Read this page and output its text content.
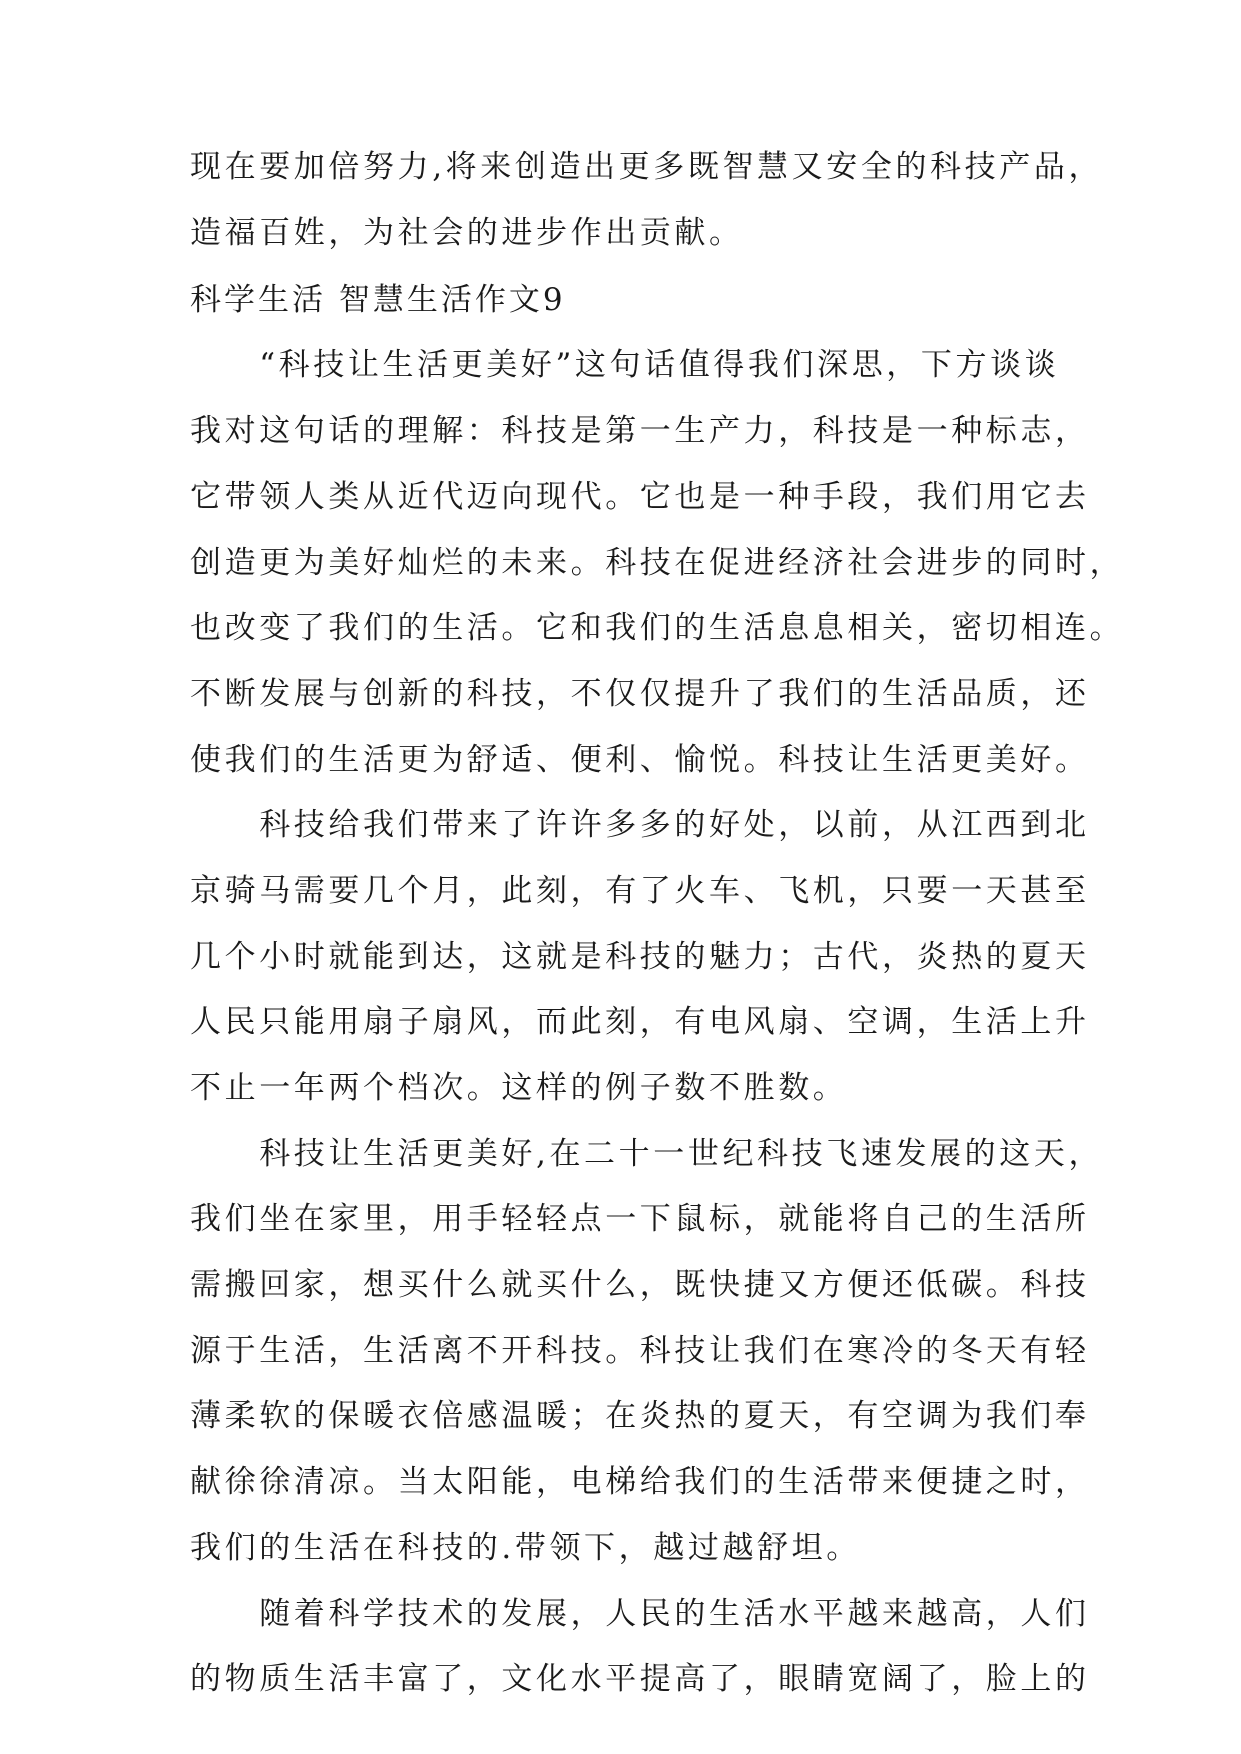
现在要加倍努力,将来创造出更多既智慧又安全的科技产品，
造福百姓，为社会的进步作出贡献。
科学生活 智慧生活作文9
　　“科技让生活更美好”这句话值得我们深思，下方谈谈
我对这句话的理解：科技是第一生产力，科技是一种标志，
它带领人类从近代迈向现代。它也是一种手段，我们用它去
创造更为美好灿烂的未来。科技在促进经济社会进步的同时，
也改变了我们的生活。它和我们的生活息息相关，密切相连。
不断发展与创新的科技，不仅仅提升了我们的生活品质，还
使我们的生活更为舒适、便利、愉悦。科技让生活更美好。
　　科技给我们带来了许许多多的好处，以前，从江西到北
京骑马需要几个月，此刻，有了火车、飞机，只要一天甚至
几个小时就能到达，这就是科技的魅力；古代，炎热的夏天
人民只能用扇子扇风，而此刻，有电风扇、空调，生活上升
不止一年两个档次。这样的例子数不胜数。
　　科技让生活更美好,在二十一世纪科技飞速发展的这天，
我们坐在家里，用手轻轻点一下鼠标，就能将自己的生活所
需搬回家，想买什么就买什么，既快捷又方便还低碳。科技
源于生活，生活离不开科技。科技让我们在寒冷的冬天有轻
薄柔软的保暖衣倍感温暖；在炎热的夏天，有空调为我们奉
献徐徐清凉。当太阳能，电梯给我们的生活带来便捷之时，
我们的生活在科技的.带领下，越过越舒坦。
　　随着科学技术的发展，人民的生活水平越来越高，人们
的物质生活丰富了，文化水平提高了，眼睛宽阔了，脸上的
